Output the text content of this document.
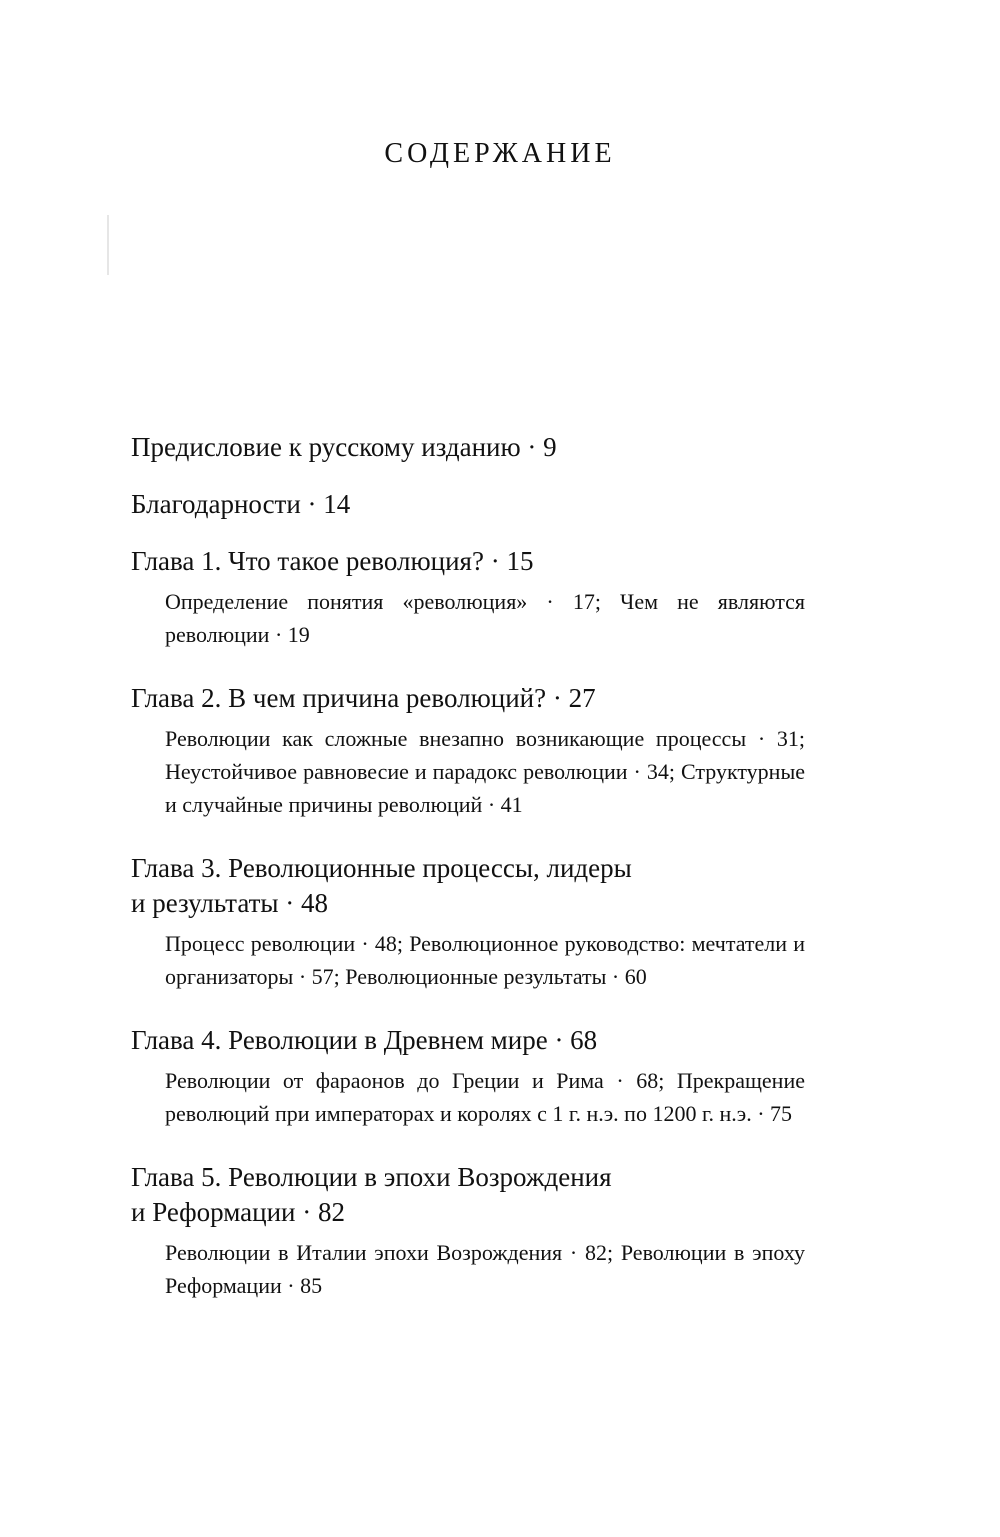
СОДЕРЖАНИЕ

Предисловие к русскому изданию · 9

Благодарности · 14

Глава 1. Что такое революция? · 15

Определение понятия «революция» · 17; Чем не являются революции · 19

Глава 2. В чем причина революций? · 27

Революции как сложные внезапно возникающие процессы · 31; Неустойчивое равновесие и парадокс революции · 34; Структурные и случайные причины революций · 41

Глава 3. Революционные процессы, лидеры

и результаты · 48

Процесс революции · 48; Революционное руководство: мечтатели и организаторы · 57; Революционные результаты · 60

Глава 4. Революции в Древнем мире · 68

Революции от фараонов до Греции и Рима · 68; Прекращение революций при императорах и королях с 1 г. н.э. по 1200 г. н.э. · 75

Глава 5. Революции в эпохи Возрождения

и Реформации · 82

Революции в Италии эпохи Возрождения · 82; Революции в эпоху Реформации · 85
